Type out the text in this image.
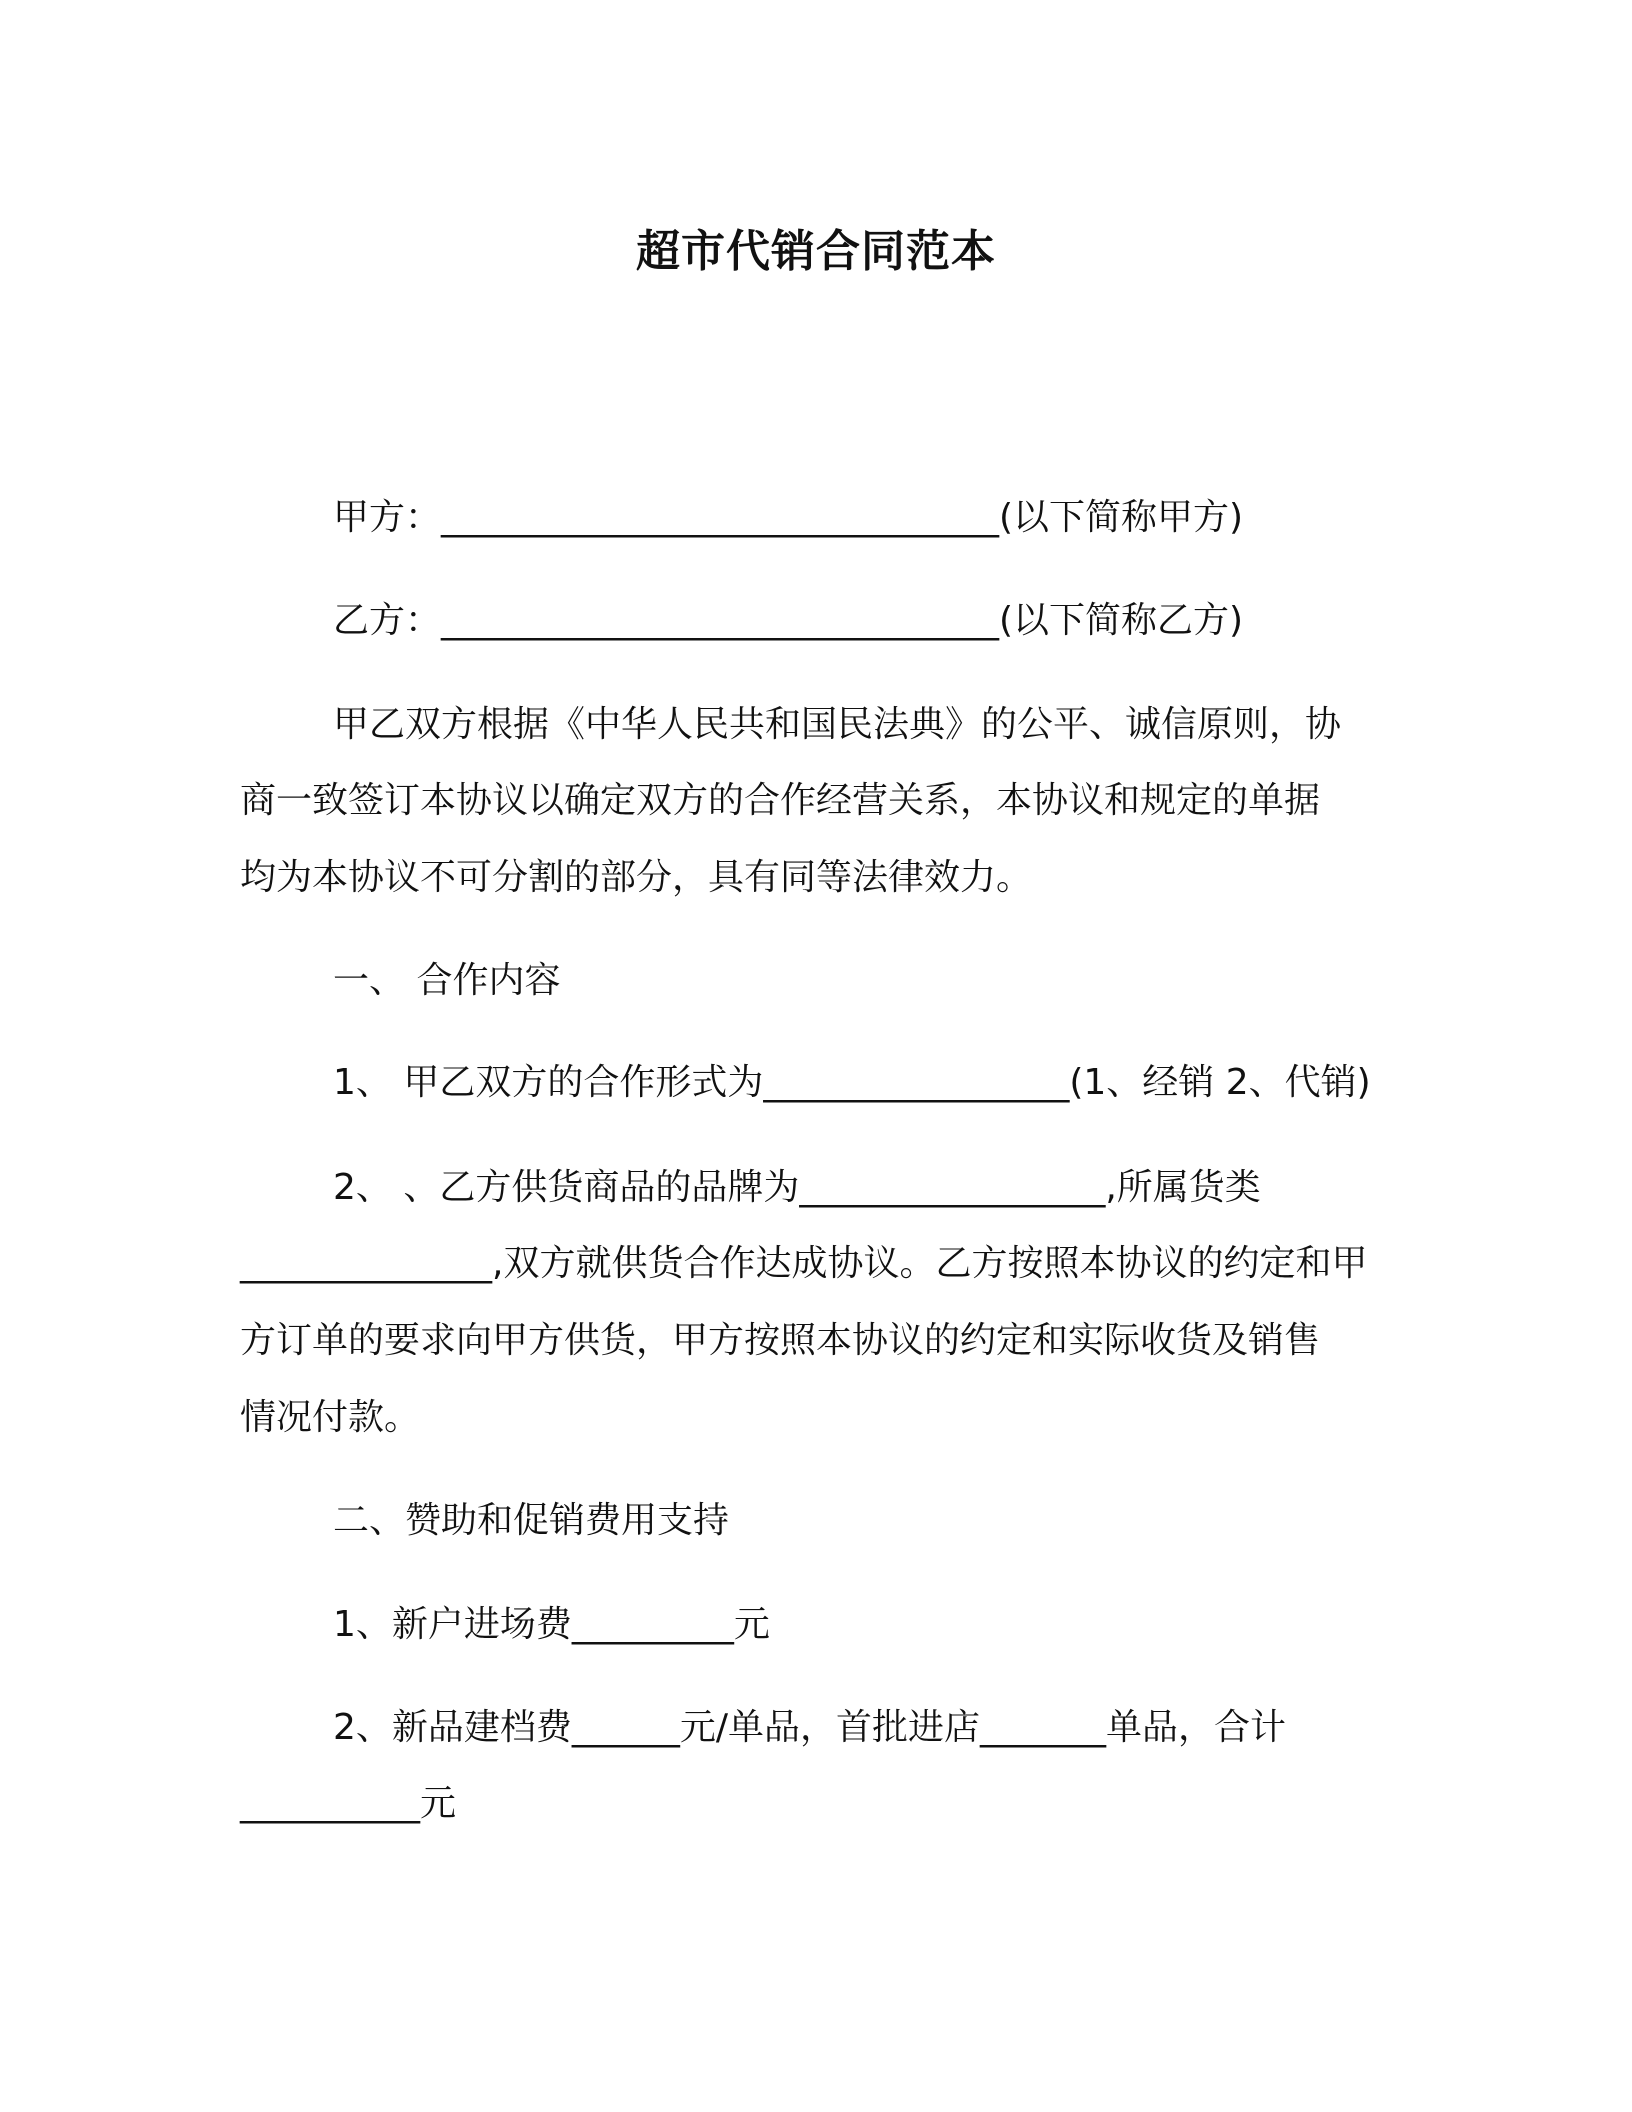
超市代销合同范本
甲方：_______________________________(以下简称甲方)
乙方：_______________________________(以下简称乙方)
甲乙双方根据《中华人民共和国民法典》的公平、诚信原则，协
商一致签订本协议以确定双方的合作经营关系，本协议和规定的单据
均为本协议不可分割的部分，具有同等法律效力。
一、 合作内容
1、 甲乙双方的合作形式为_________________(1、经销 2、代销)
2、 、乙方供货商品的品牌为_________________,所属货类
______________,双方就供货合作达成协议。乙方按照本协议的约定和甲
方订单的要求向甲方供货，甲方按照本协议的约定和实际收货及销售
情况付款。
二、赞助和促销费用支持
1、新户进场费_________元
2、新品建档费______元/单品，首批进店_______单品，合计
__________元
